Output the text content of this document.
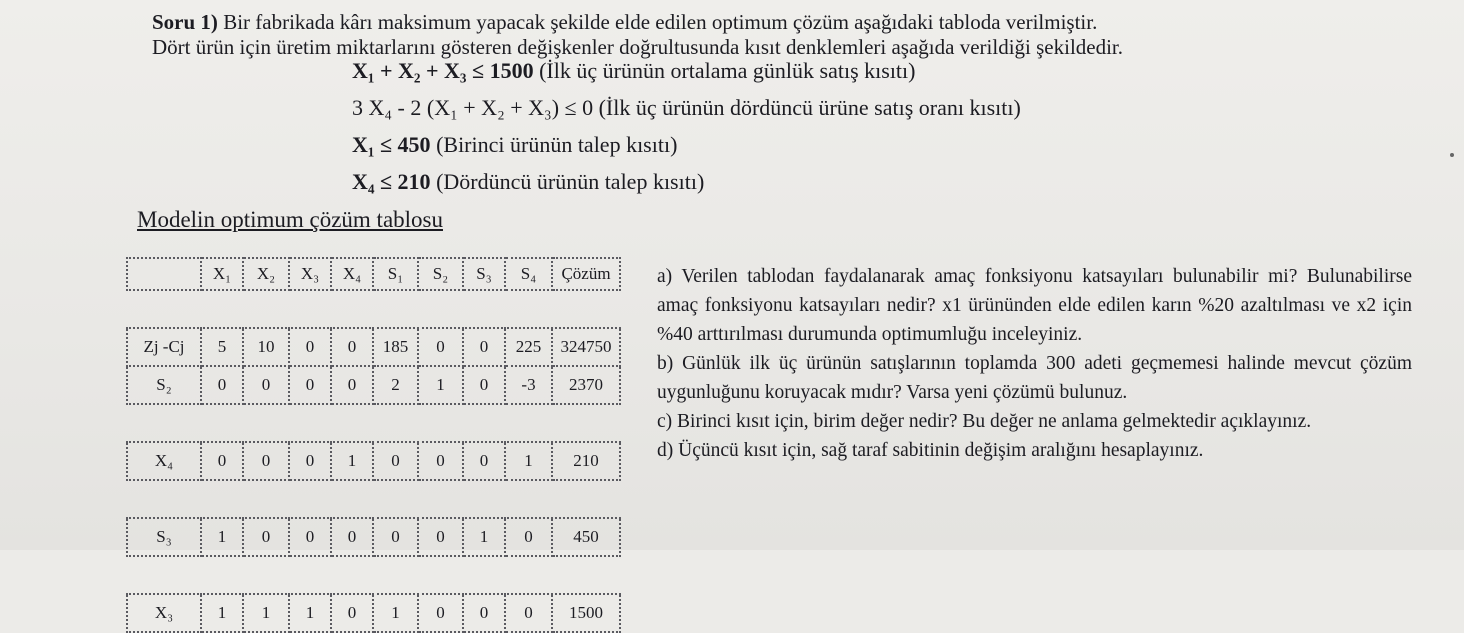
Soru 1) Bir fabrikada kârı maksimum yapacak şekilde elde edilen optimum çözüm aşağıdaki tabloda verilmiştir.

Dört ürün için üretim miktarlarını gösteren değişkenler doğrultusunda kısıt denklemleri aşağıda verildiği şekildedir.

X₁ + X₂ + X₃ ≤ 1500 (İlk üç ürünün ortalama günlük satış kısıtı)
3 X₄ - 2 (X₁ + X₂ + X₃) ≤ 0 (İlk üç ürünün dördüncü ürüne satış oranı kısıtı)
X₁ ≤ 450 (Birinci ürünün talep kısıtı)
X₄ ≤ 210 (Dördüncü ürünün talep kısıtı)
Modelin optimum çözüm tablosu
	X₁	X₂	X₃	X₄	S₁	S₂	S₃	S₄	Çözüm

Zj -Cj	5	10	0	0	185	0	0	225	324750
S₂	0	0	0	0	2	1	0	-3	2370

X₄	0	0	0	1	0	0	0	1	210

S₃	1	0	0	0	0	0	1	0	450

X₃	1	1	1	0	1	0	0	0	1500

a) Verilen tablodan faydalanarak amaç fonksiyonu katsayıları bulunabilir mi? Bulunabilirse amaç fonksiyonu katsayıları nedir? x1 ürününden elde edilen karın %20 azaltılması ve x2 için %40 arttırılması durumunda optimumluğu inceleyiniz.

b) Günlük ilk üç ürünün satışlarının toplamda 300 adeti geçmemesi halinde mevcut çözüm uygunluğunu koruyacak mıdır? Varsa yeni çözümü bulunuz.

c) Birinci kısıt için, birim değer nedir? Bu değer ne anlama gelmektedir açıklayınız.

d) Üçüncü kısıt için, sağ taraf sabitinin değişim aralığını hesaplayınız.
